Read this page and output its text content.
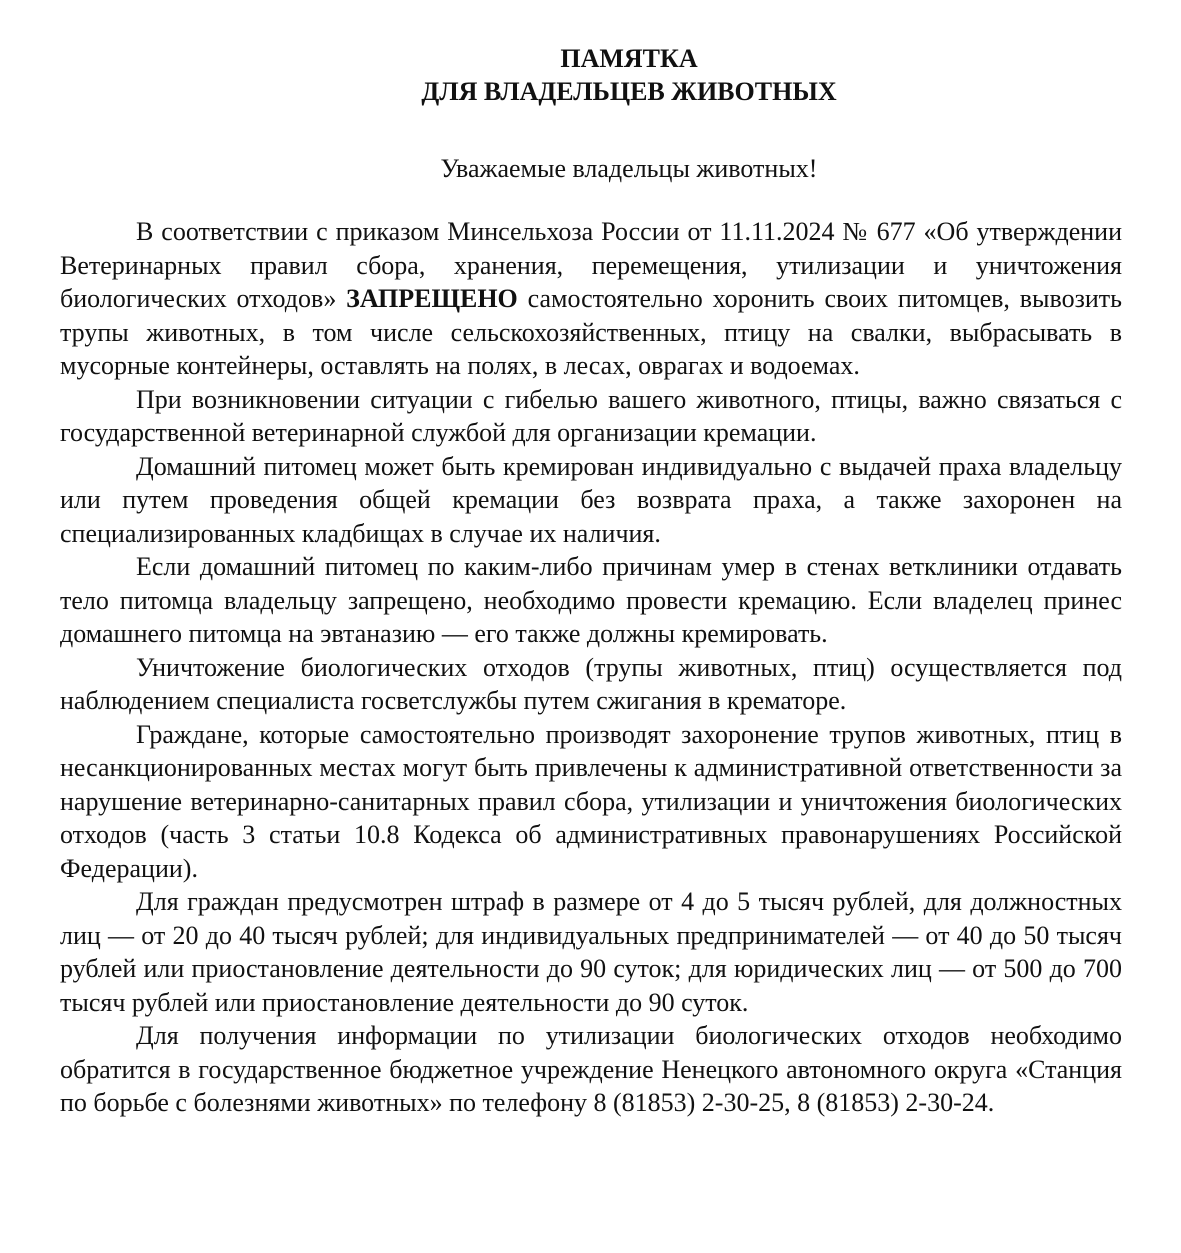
ПАМЯТКА
ДЛЯ ВЛАДЕЛЬЦЕВ ЖИВОТНЫХ
Уважаемые владельцы животных!

В соответствии с приказом Минсельхоза России от 11.11.2024 № 677 «Об утверждении Ветеринарных правил сбора, хранения, перемещения, утилизации и уничтожения биологических отходов» ЗАПРЕЩЕНО самостоятельно хоронить своих питомцев, вывозить трупы животных, в том числе сельскохозяйственных, птицу на свалки, выбрасывать в мусорные контейнеры, оставлять на полях, в лесах, оврагах и водоемах.

При возникновении ситуации с гибелью вашего животного, птицы, важно связаться с государственной ветеринарной службой для организации кремации.

Домашний питомец может быть кремирован индивидуально с выдачей праха владельцу или путем проведения общей кремации без возврата праха, а также захоронен на специализированных кладбищах в случае их наличия.

Если домашний питомец по каким-либо причинам умер в стенах ветклиники отдавать тело питомца владельцу запрещено, необходимо провести кремацию. Если владелец принес домашнего питомца на эвтаназию — его также должны кремировать.

Уничтожение биологических отходов (трупы животных, птиц) осуществляется под наблюдением специалиста госветслужбы путем сжигания в крематоре.

Граждане, которые самостоятельно производят захоронение трупов животных, птиц в несанкционированных местах могут быть привлечены к административной ответственности за нарушение ветеринарно-санитарных правил сбора, утилизации и уничтожения биологических отходов (часть 3 статьи 10.8 Кодекса об административных правонарушениях Российской Федерации).

Для граждан предусмотрен штраф в размере от 4 до 5 тысяч рублей, для должностных лиц — от 20 до 40 тысяч рублей; для индивидуальных предпринимателей — от 40 до 50 тысяч рублей или приостановление деятельности до 90 суток; для юридических лиц — от 500 до 700 тысяч рублей или приостановление деятельности до 90 суток.

Для получения информации по утилизации биологических отходов необходимо обратится в государственное бюджетное учреждение Ненецкого автономного округа «Станция по борьбе с болезнями животных» по телефону 8 (81853) 2-30-25, 8 (81853) 2-30-24.
